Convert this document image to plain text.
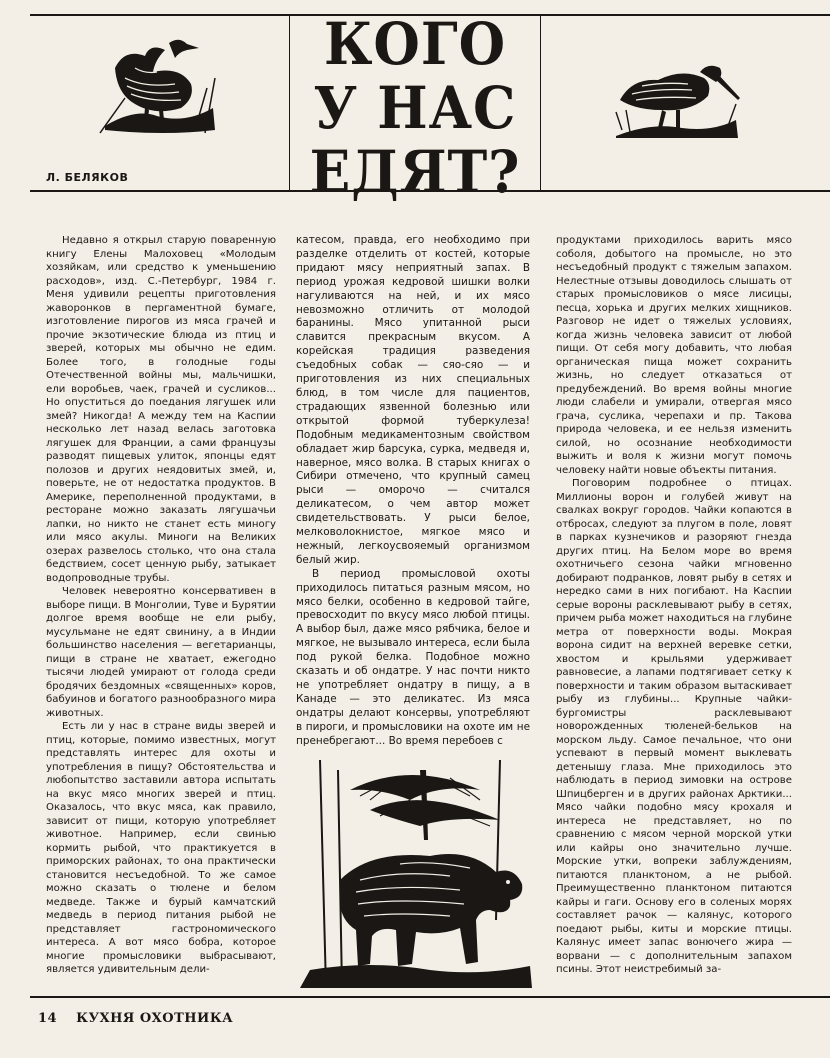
КОГО
У НАС
ЕДЯТ?
Л. БЕЛЯКОВ

Недавно я открыл старую поваренную книгу Елены Малоховец «Молодым хозяйкам, или средство к уменьшению расходов», изд. С.-Петербург, 1984 г. Меня удивили рецепты приготовления жаворонков в пергаментной бумаге, изготовление пирогов из мяса грачей и прочие экзотические блюда из птиц и зверей, которых мы обычно не едим. Более того, в голодные годы Отечественной войны мы, мальчишки, ели воробьев, чаек, грачей и сусликов... Но опуститься до поедания лягушек или змей? Никогда! А между тем на Каспии несколько лет назад велась заготовка лягушек для Франции, а сами французы разводят пищевых улиток, японцы едят полозов и других неядовитых змей, и, поверьте, не от недостатка продуктов. В Америке, переполненной продуктами, в ресторане можно заказать лягушачьи лапки, но никто не станет есть миногу или мясо акулы. Миноги на Великих озерах развелось столько, что она стала бедствием, сосет ценную рыбу, затыкает водопроводные трубы.

Человек невероятно консервативен в выборе пищи. В Монголии, Туве и Бурятии долгое время вообще не ели рыбу, мусульмане не едят свинину, а в Индии большинство населения — вегетарианцы, пищи в стране не хватает, ежегодно тысячи людей умирают от голода среди бродячих бездомных «священных» коров, бабуинов и богатого разнообразного мира животных.

Есть ли у нас в стране виды зверей и птиц, которые, помимо известных, могут представлять интерес для охоты и употребления в пищу? Обстоятельства и любопытство заставили автора испытать на вкус мясо многих зверей и птиц. Оказалось, что вкус мяса, как правило, зависит от пищи, которую употребляет животное. Например, если свинью кормить рыбой, что практикуется в приморских районах, то она практически становится несъедобной. То же самое можно сказать о тюлене и белом медведе. Также и бурый камчатский медведь в период питания рыбой не представляет гастрономического интереса. А вот мясо бобра, которое многие промысловики выбрасывают, является удивительным дели-

катесом, правда, его необходимо при разделке отделить от костей, которые придают мясу неприятный запах. В период урожая кедровой шишки волки нагуливаются на ней, и их мясо невозможно отличить от молодой баранины. Мясо упитанной рыси славится прекрасным вкусом. А корейская традиция разведения съедобных собак — сяо-сяо — и приготовления из них специальных блюд, в том числе для пациентов, страдающих язвенной болезнью или открытой формой туберкулеза! Подобным медикаментозным свойством обладает жир барсука, сурка, медведя и, наверное, мясо волка. В старых книгах о Сибири отмечено, что крупный самец рыси — оморочо — считался деликатесом, о чем автор может свидетельствовать. У рыси белое, мелковолокнистое, мягкое мясо и нежный, легкоусвояемый организмом белый жир.

В период промысловой охоты приходилось питаться разным мясом, но мясо белки, особенно в кедровой тайге, превосходит по вкусу мясо любой птицы. А выбор был, даже мясо рябчика, белое и мягкое, не вызывало интереса, если была под рукой белка. Подобное можно сказать и об ондатре. У нас почти никто не употребляет ондатру в пищу, а в Канаде — это деликатес. Из мяса ондатры делают консервы, употребляют в пироги, и промысловики на охоте им не пренебрегают... Во время перебоев с

продуктами приходилось варить мясо соболя, добытого на промысле, но это несъедобный продукт с тяжелым запахом. Нелестные отзывы доводилось слышать от старых промысловиков о мясе лисицы, песца, хорька и других мелких хищников. Разговор не идет о тяжелых условиях, когда жизнь человека зависит от любой пищи. От себя могу добавить, что любая органическая пища может сохранить жизнь, но следует отказаться от предубеждений. Во время войны многие люди слабели и умирали, отвергая мясо грача, суслика, черепахи и пр. Такова природа человека, и ее нельзя изменить силой, но осознание необходимости выжить и воля к жизни могут помочь человеку найти новые объекты питания.

Поговорим подробнее о птицах. Миллионы ворон и голубей живут на свалках вокруг городов. Чайки копаются в отбросах, следуют за плугом в поле, ловят в парках кузнечиков и разоряют гнезда других птиц. На Белом море во время охотничьего сезона чайки мгновенно добирают подранков, ловят рыбу в сетях и нередко сами в них погибают. На Каспии серые вороны расклевывают рыбу в сетях, причем рыба может находиться на глубине метра от поверхности воды. Мокрая ворона сидит на верхней веревке сетки, хвостом и крыльями удерживает равновесие, а лапами подтягивает сетку к поверхности и таким образом вытаскивает рыбу из глубины... Крупные чайки-бургомистры расклевывают новорожденных тюленей-бельков на морском льду. Самое печальное, что они успевают в первый момент выклевать детенышу глаза. Мне приходилось это наблюдать в период зимовки на острове Шпицберген и в других районах Арктики... Мясо чайки подобно мясу крохаля и интереса не представляет, но по сравнению с мясом черной морской утки или кайры оно значительно лучше. Морские утки, вопреки заблуждениям, питаются планктоном, а не рыбой. Преимущественно планктоном питаются кайры и гаги. Основу его в соленых морях составляет рачок — калянус, которого поедают рыбы, киты и морские птицы. Калянус имеет запас вонючего жира — ворвани — с дополнительным запахом псины. Этот неистребимый за-

14 КУХНЯ ОХОТНИКА
